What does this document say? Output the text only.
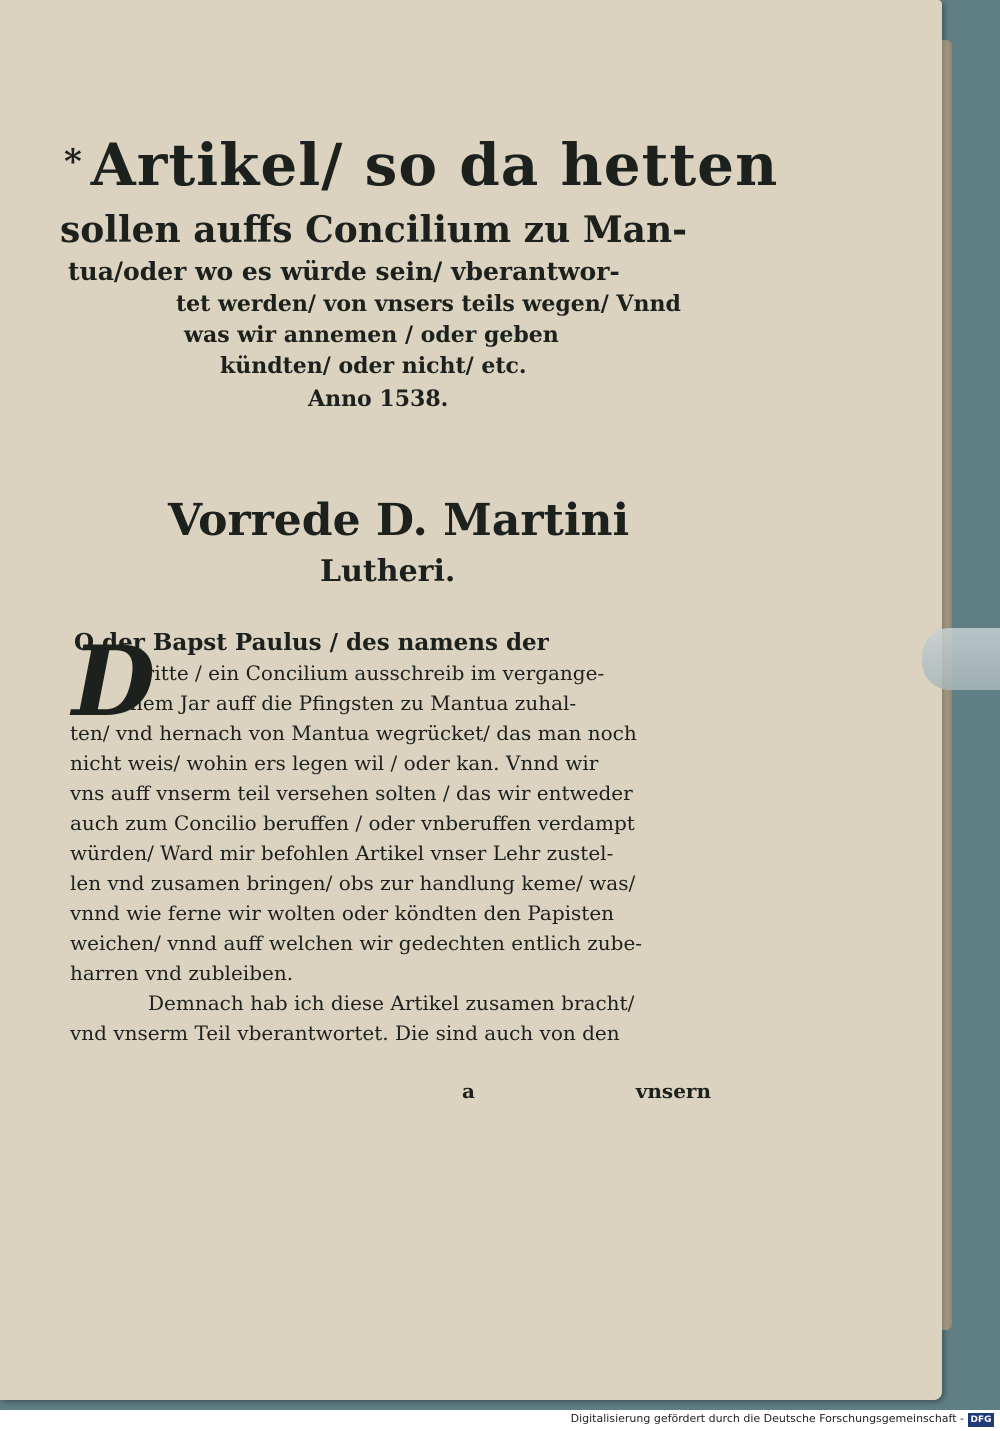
* Artikel/ so da hetten
sollen auffs Concilium zu Man-
tua/oder wo es würde sein/ vberantwor-
tet werden/ von vnsers teils wegen/ Vnnd
was wir annemen / oder geben
kündten/ oder nicht/ etc.
Anno 1538.
Vorrede D. Martini
Lutheri.
D
O der Bapst Paulus / des namens der
dritte / ein Concilium ausschreib im vergange-
nem Jar auff die Pfingsten zu Mantua zuhal-
ten/ vnd hernach von Mantua wegrücket/ das man noch
nicht weis/ wohin ers legen wil / oder kan. Vnnd wir
vns auff vnserm teil versehen solten / das wir entweder
auch zum Concilio beruffen / oder vnberuffen verdampt
würden/ Ward mir befohlen Artikel vnser Lehr zustel-
len vnd zusamen bringen/ obs zur handlung keme/ was/
vnnd wie ferne wir wolten oder köndten den Papisten
weichen/ vnnd auff welchen wir gedechten entlich zube-
harren vnd zubleiben.
Demnach hab ich diese Artikel zusamen bracht/
vnd vnserm Teil vberantwortet. Die sind auch von den
a	vnsern
Digitalisierung gefördert durch die Deutsche Forschungsgemeinschaft - DFG
